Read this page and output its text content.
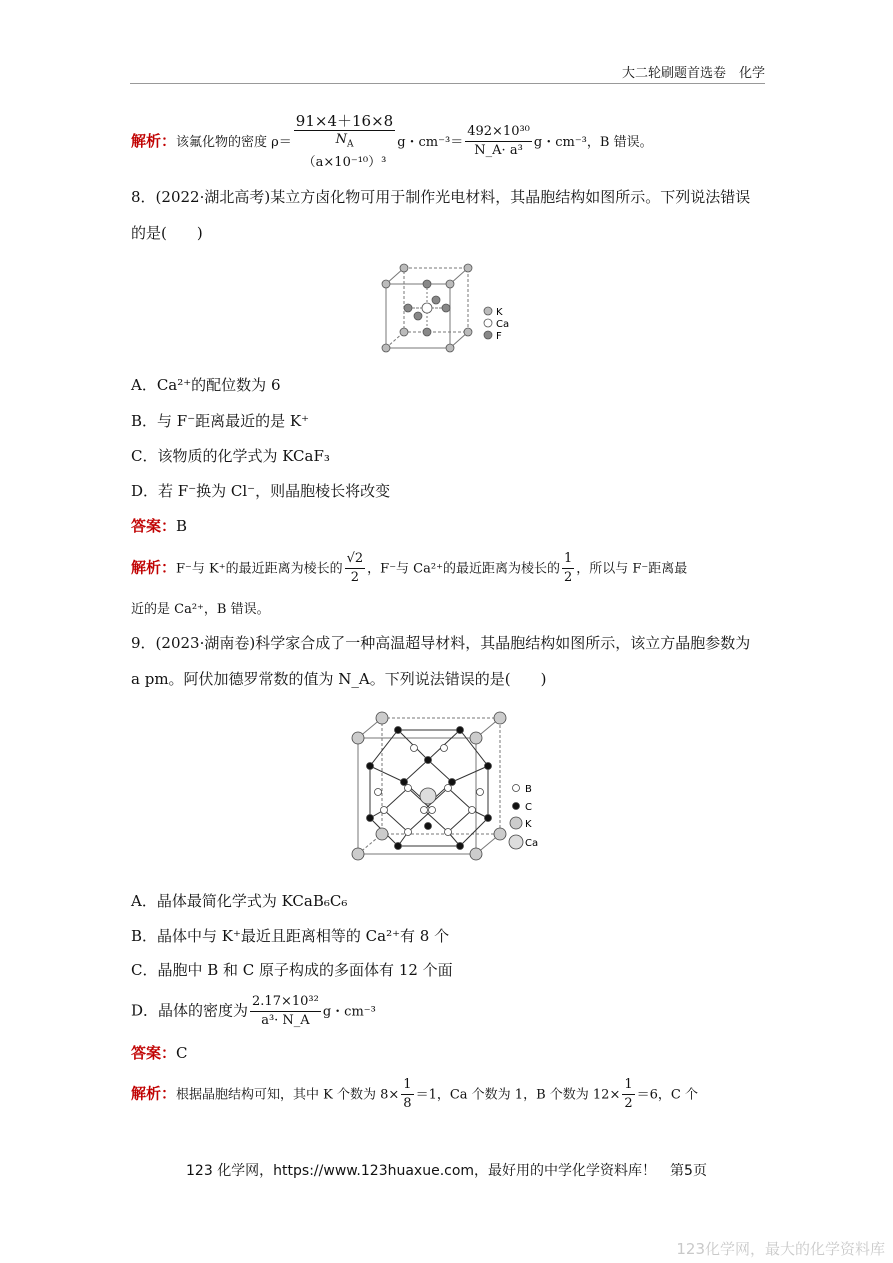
大二轮刷题首选卷　化学
解析：该氟化物的密度 ρ＝
91×4＋16×8
$N_A$
（a×10⁻¹⁰）³
g・$cm^{-3}= \frac{\text{492×10³⁰}}{\text{N\_A· a³}}$ g・cm⁻³，B 错误。
8．(2022·湖北高考)某立方卤化物可用于制作光电材料，其晶胞结构如图所示。下列说法错误
的是(　　)
K
Ca
F
A．Ca²⁺的配位数为 6
B．与 F⁻距离最近的是 K⁺
C．该物质的化学式为 KCaF₃
D．若 F⁻换为 Cl⁻，则晶胞棱长将改变
答案：B
解析：F⁻与 K⁺的最近距离为棱长的 $\frac{√2}{2}$ ，F⁻与 Ca²⁺的最近距离为棱长的 $\frac{1}{2}$ ，所以与 F⁻距离最
近的是 Ca²⁺，B 错误。
9．(2023·湖南卷)科学家合成了一种高温超导材料，其晶胞结构如图所示，该立方晶胞参数为
a pm。阿伏加德罗常数的值为 N_A。下列说法错误的是(　　)
B
C
K
Ca
A．晶体最简化学式为 KCaB₆C₆
B．晶体中与 K⁺最近且距离相等的 Ca²⁺有 8 个
C．晶胞中 B 和 C 原子构成的多面体有 12 个面
D．晶体的密度为 $\frac{\text{2.17×10³²}}{\text{a³· N\_A}}$ g・cm⁻³
答案：C
解析：根据晶胞结构可知，其中 K 个数为 $8\times \frac{1}{8} =1$，Ca 个数为 1，B 个数为 $12\times \frac{1}{2} =6$，C 个
123 化学网，https://www.123huaxue.com，最好用的中学化学资料库！　第5页
123化学网，最大的化学资料库
